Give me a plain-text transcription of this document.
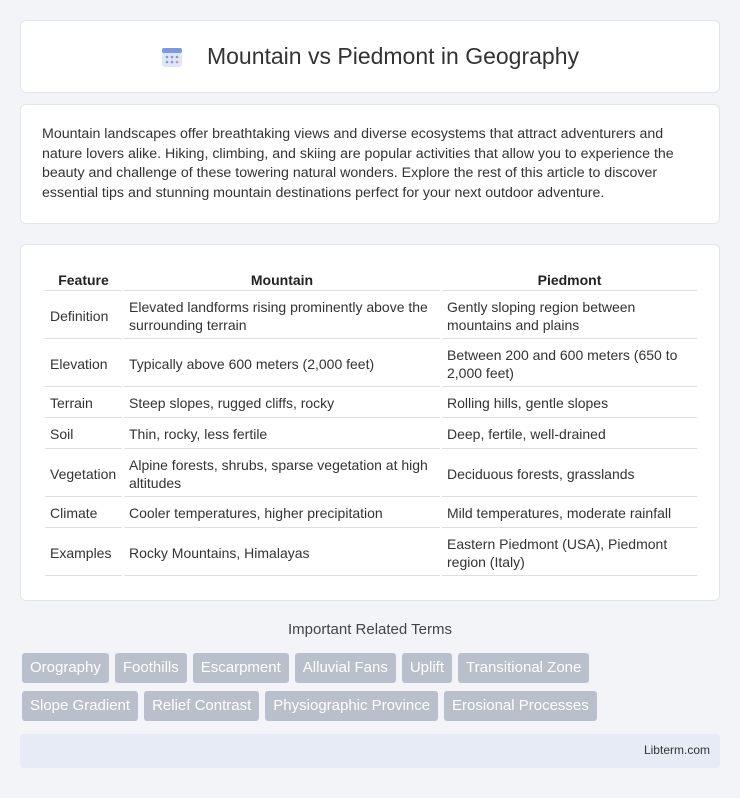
Mountain vs Piedmont in Geography

Mountain landscapes offer breathtaking views and diverse ecosystems that attract adventurers and nature lovers alike. Hiking, climbing, and skiing are popular activities that allow you to experience the beauty and challenge of these towering natural wonders. Explore the rest of this article to discover essential tips and stunning mountain destinations perfect for your next outdoor adventure.

Feature	Mountain	Piedmont
Definition	Elevated landforms rising prominently above the surrounding terrain	Gently sloping region between mountains and plains
Elevation	Typically above 600 meters (2,000 feet)	Between 200 and 600 meters (650 to 2,000 feet)
Terrain	Steep slopes, rugged cliffs, rocky	Rolling hills, gentle slopes
Soil	Thin, rocky, less fertile	Deep, fertile, well-drained
Vegetation	Alpine forests, shrubs, sparse vegetation at high altitudes	Deciduous forests, grasslands
Climate	Cooler temperatures, higher precipitation	Mild temperatures, moderate rainfall
Examples	Rocky Mountains, Himalayas	Eastern Piedmont (USA), Piedmont region (Italy)
Important Related Terms
Orography	Foothills	Escarpment	Alluvial Fans	Uplift	Transitional Zone
Slope Gradient	Relief Contrast	Physiographic Province	Erosional Processes
Libterm.com
